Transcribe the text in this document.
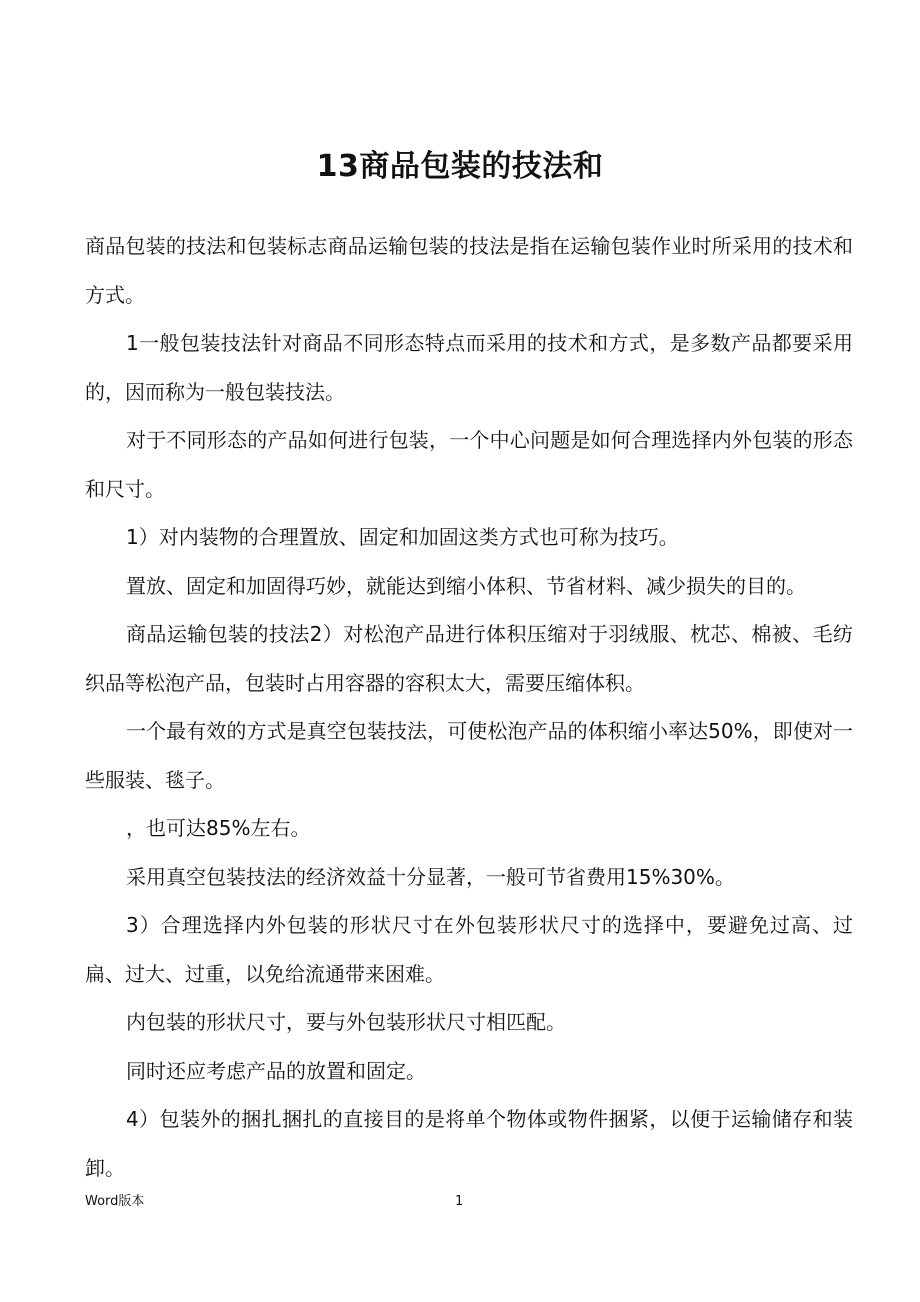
13商品包装的技法和

商品包装的技法和包装标志商品运输包装的技法是指在运输包装作业时所采用的技术和方式。

1一般包装技法针对商品不同形态特点而采用的技术和方式，是多数产品都要采用的，因而称为一般包装技法。

对于不同形态的产品如何进行包装，一个中心问题是如何合理选择内外包装的形态和尺寸。

1）对内装物的合理置放、固定和加固这类方式也可称为技巧。

置放、固定和加固得巧妙，就能达到缩小体积、节省材料、减少损失的目的。

商品运输包装的技法2）对松泡产品进行体积压缩对于羽绒服、枕芯、棉被、毛纺织品等松泡产品，包装时占用容器的容积太大，需要压缩体积。

一个最有效的方式是真空包装技法，可使松泡产品的体积缩小率达50%，即使对一些服装、毯子。

，也可达85%左右。

采用真空包装技法的经济效益十分显著，一般可节省费用15%30%。

3）合理选择内外包装的形状尺寸在外包装形状尺寸的选择中，要避免过高、过扁、过大、过重，以免给流通带来困难。

内包装的形状尺寸，要与外包装形状尺寸相匹配。

同时还应考虑产品的放置和固定。

4）包装外的捆扎捆扎的直接目的是将单个物体或物件捆紧，以便于运输储存和装卸。

Word版本	1
